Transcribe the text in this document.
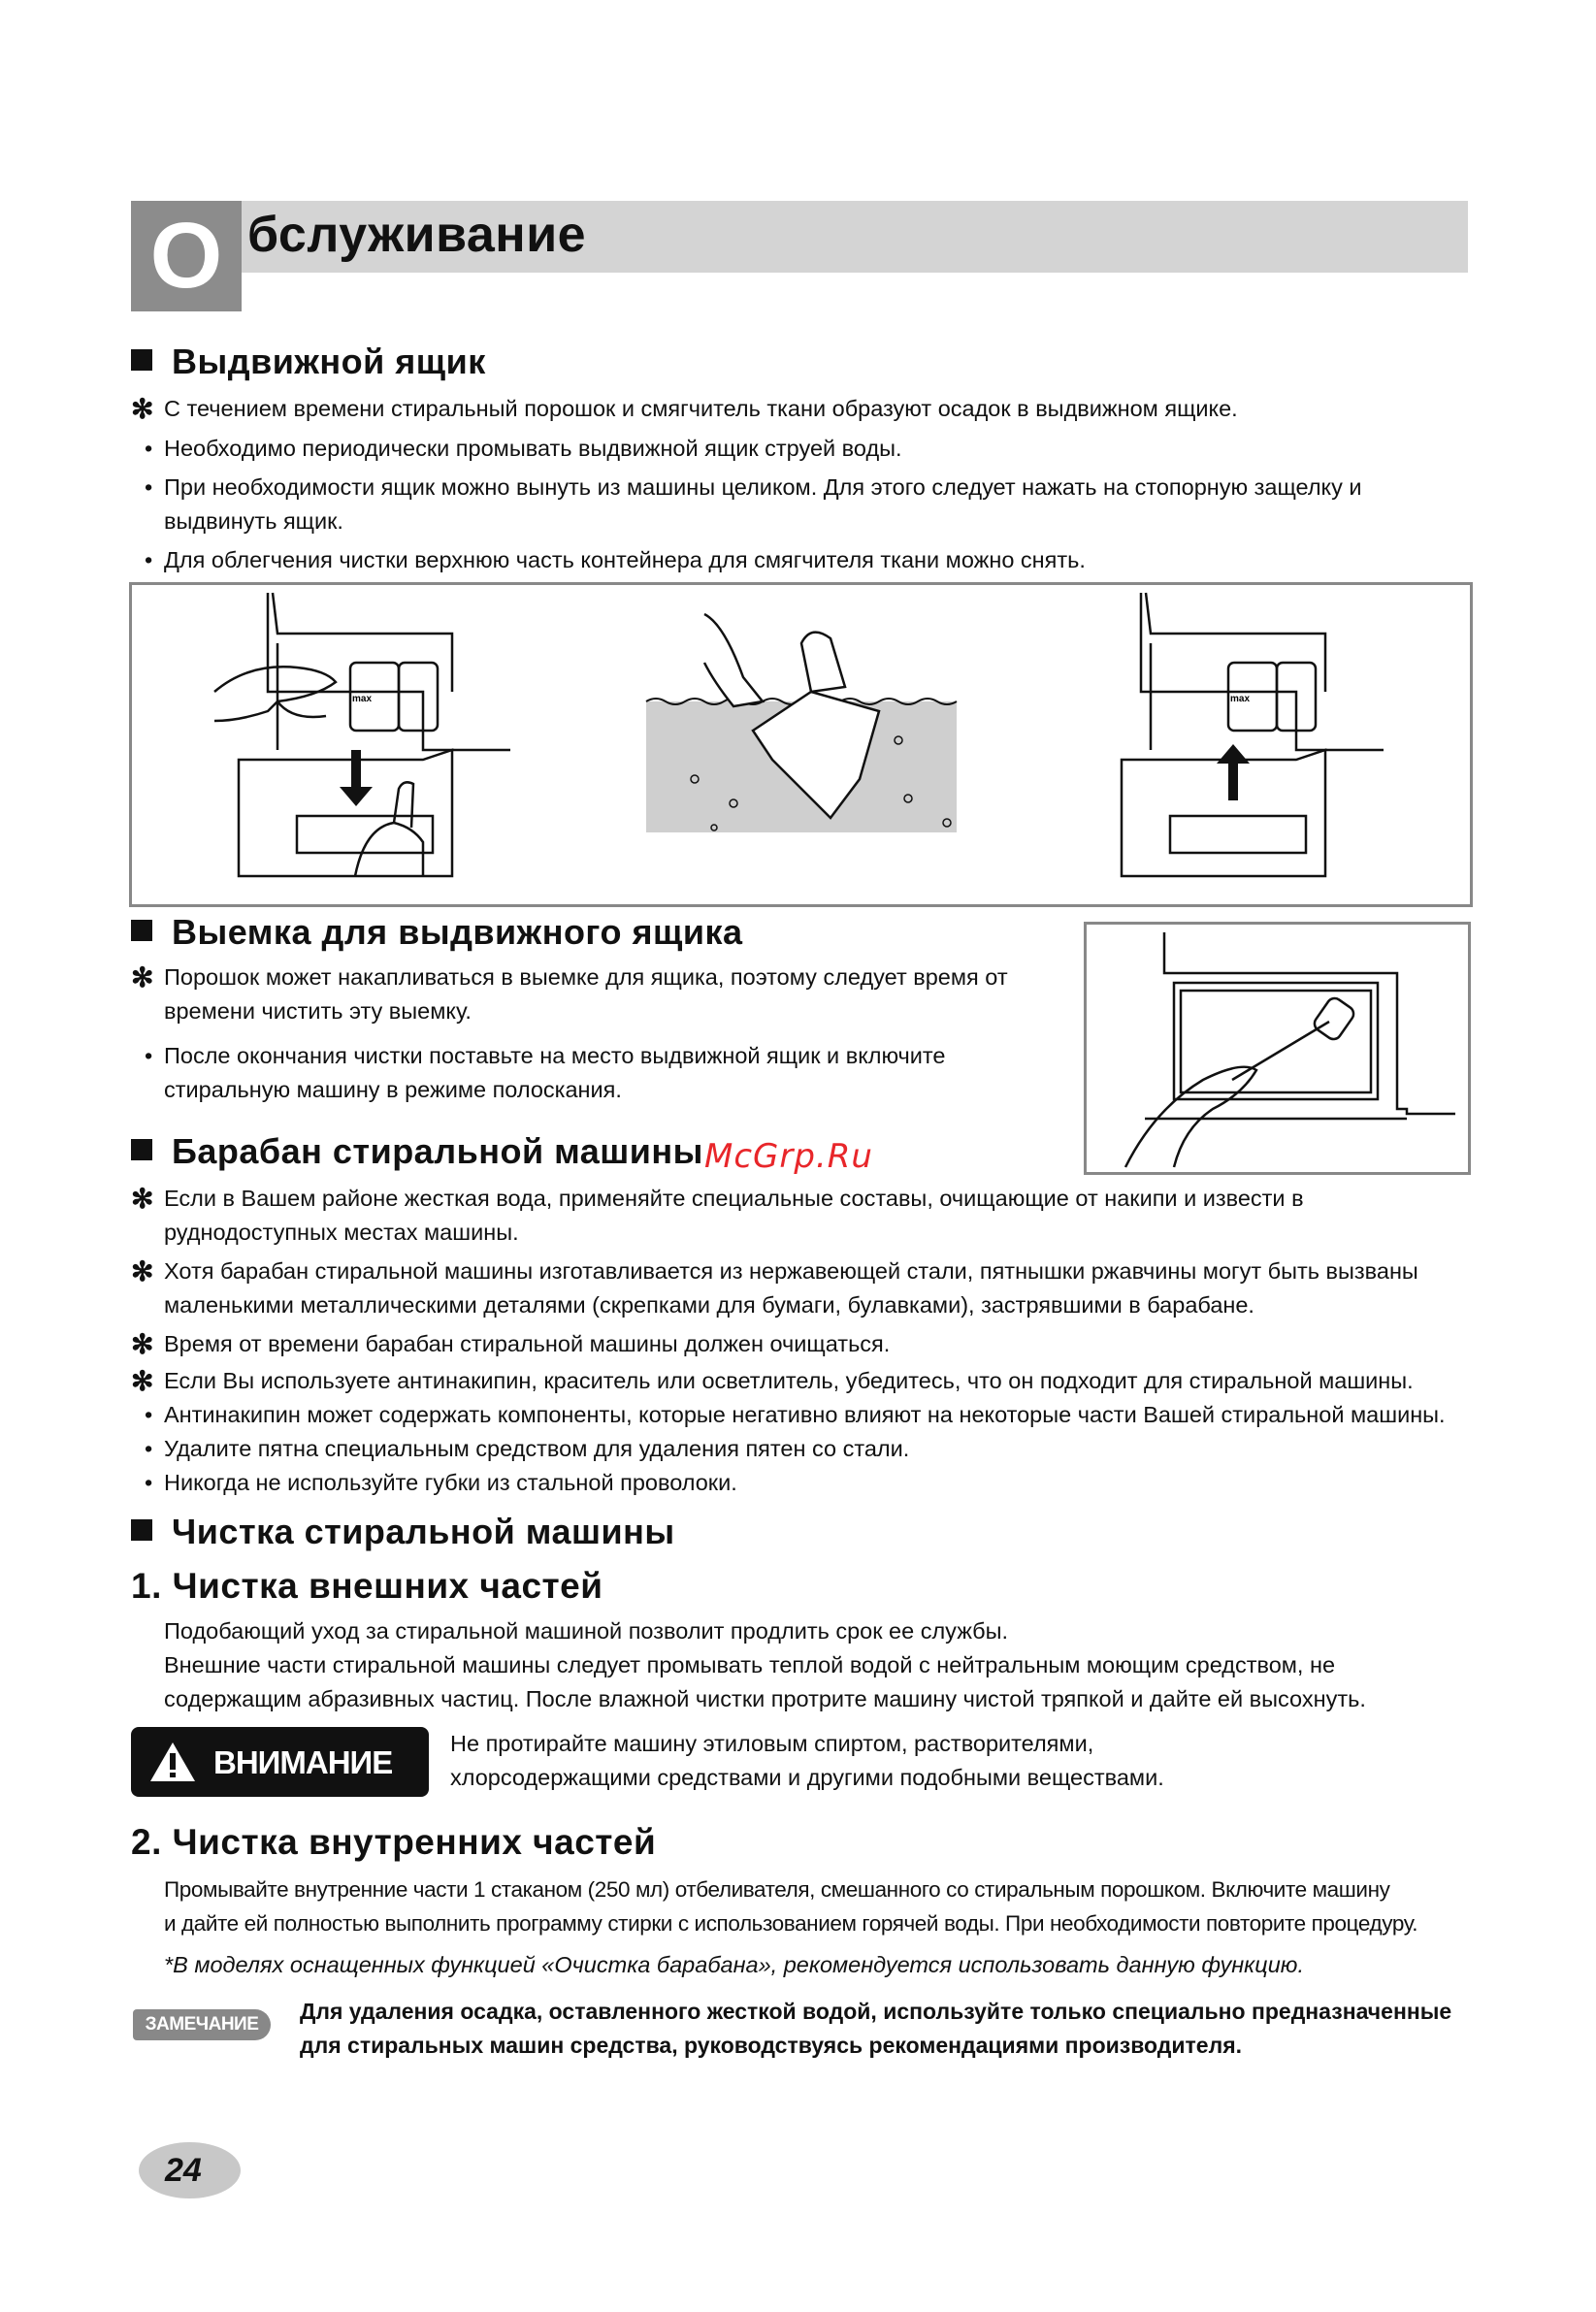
О бслуживание
Выдвижной ящик
✻ С течением времени стиральный порошок и смягчитель ткани образуют осадок в выдвижном ящике.
• Необходимо периодически промывать выдвижной ящик струей воды.
• При необходимости ящик можно вынуть из машины целиком. Для этого следует нажать на стопорную защелку и
выдвинуть ящик.
• Для облегчения чистки верхнюю часть контейнера для смягчителя ткани можно снять.
max	max
Выемка для выдвижного ящика
✻ Порошок может накапливаться в выемке для ящика, поэтому следует время от
времени чистить эту выемку.
• После окончания чистки поставьте на место выдвижной ящик и включите
стиральную машину в режиме полоскания.
Барабан стиральной машины McGrp.Ru
✻ Если в Вашем районе жесткая вода, применяйте специальные составы, очищающие от накипи и извести в
руднодоступных местах машины.
✻ Хотя барабан стиральной машины изготавливается из нержавеющей стали, пятнышки ржавчины могут быть вызваны
маленькими металлическими деталями (скрепками для бумаги, булавками), застрявшими в барабане.
✻ Время от времени барабан стиральной машины должен очищаться.
✻ Если Вы используете антинакипин, краситель или осветлитель, убедитесь, что он подходит для стиральной машины.
• Антинакипин может содержать компоненты, которые негативно влияют на некоторые части Вашей стиральной машины.
• Удалите пятна специальным средством для удаления пятен со стали.
• Никогда не используйте губки из стальной проволоки.
Чистка стиральной машины
1. Чистка внешних частей
Подобающий уход за стиральной машиной позволит продлить срок ее службы.
Внешние части стиральной машины следует промывать теплой водой с нейтральным моющим средством, не
содержащим абразивных частиц. После влажной чистки протрите машину чистой тряпкой и дайте ей высохнуть.
ВНИМАНИЕ
Не протирайте машину этиловым спиртом, растворителями,
хлорсодержащими средствами и другими подобными веществами.
2. Чистка внутренних частей
Промывайте внутренние части 1 стаканом (250 мл) отбеливателя, смешанного со стиральным порошком. Включите машину
и дайте ей полностью выполнить программу стирки с использованием горячей воды. При необходимости повторите процедуру.
*В моделях оснащенных функцией «Очистка барабана», рекомендуется использовать данную функцию.
ЗАМЕЧАНИЕ
Для удаления осадка, оставленного жесткой водой, используйте только специально предназначенные
для стиральных машин средства, руководствуясь рекомендациями производителя.
24
